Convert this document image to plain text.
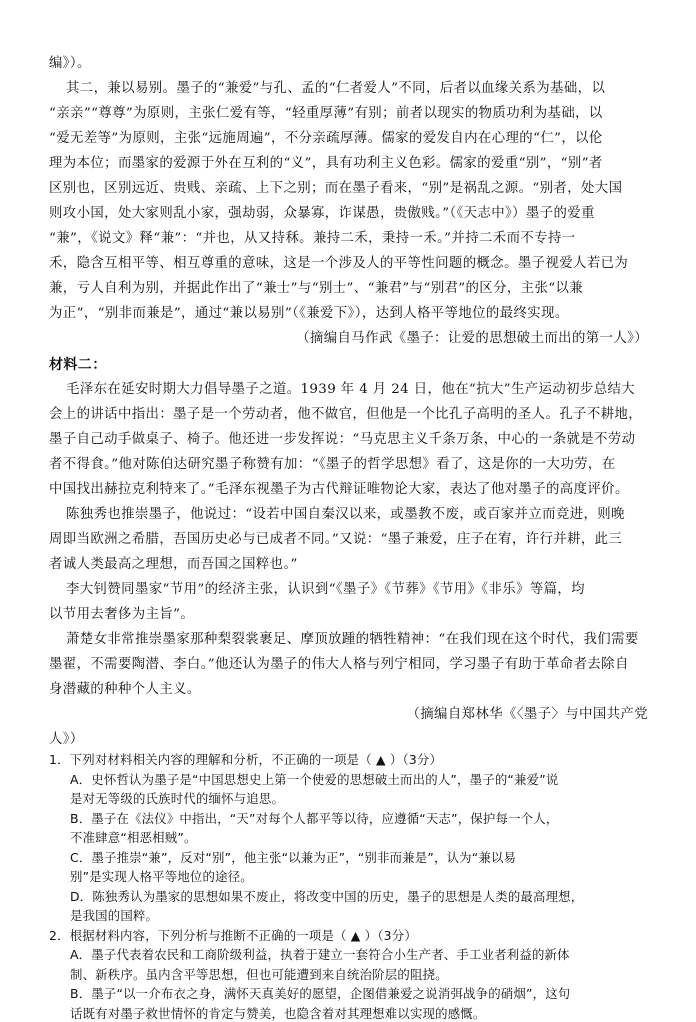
编》）。
其二，兼以易别。墨子的“兼爱”与孔、孟的“仁者爱人”不同，后者以血缘关系为基础，以
“亲亲”“尊尊”为原则，主张仁爱有等，“轻重厚薄”有别；前者以现实的物质功利为基础，以
“爱无差等”为原则，主张“远施周遍”，不分亲疏厚薄。儒家的爱发自内在心理的“仁”，以伦
理为本位；而墨家的爱源于外在互利的“义”，具有功利主义色彩。儒家的爱重“别”，“别”者
区别也，区别远近、贵贱、亲疏、上下之别；而在墨子看来，“别”是祸乱之源。“别者，处大国
则攻小国，处大家则乱小家，强劫弱，众暴寡，诈谋愚，贵傲贱。”（《天志中》）墨子的爱重
“兼”，《说文》释“兼”：“并也，从又持秝。兼持二禾，秉持一禾。”并持二禾而不专持一
禾，隐含互相平等、相互尊重的意味，这是一个涉及人的平等性问题的概念。墨子视爱人若已为
兼，亏人自利为别，并据此作出了“兼士”与“别士”、“兼君”与“别君”的区分，主张“以兼
为正”，“别非而兼是”，通过“兼以易别”（《兼爱下》），达到人格平等地位的最终实现。
（摘编自马作武《墨子：让爱的思想破土而出的第一人》）
材料二：
毛泽东在延安时期大力倡导墨子之道。1939 年 4 月 24 日，他在“抗大”生产运动初步总结大
会上的讲话中指出：墨子是一个劳动者，他不做官，但他是一个比孔子高明的圣人。孔子不耕地，
墨子自己动手做桌子、椅子。他还进一步发挥说：“马克思主义千条万条，中心的一条就是不劳动
者不得食。”他对陈伯达研究墨子称赞有加：“《墨子的哲学思想》看了，这是你的一大功劳，在
中国找出赫拉克利特来了。”毛泽东视墨子为古代辩证唯物论大家，表达了他对墨子的高度评价。
陈独秀也推崇墨子，他说过：“设若中国自秦汉以来，或墨教不废，或百家并立而竞进，则晚
周即当欧洲之希腊，吾国历史必与已成者不同。”又说：“墨子兼爱，庄子在宥，许行并耕，此三
者诚人类最高之理想，而吾国之国粹也。”
李大钊赞同墨家“节用”的经济主张，认识到“《墨子》《节葬》《节用》《非乐》等篇，均
以节用去奢侈为主旨”。
萧楚女非常推崇墨家那种梨裂裳裹足、摩顶放踵的牺牲精神：“在我们现在这个时代，我们需要
墨翟，不需要陶潜、李白。”他还认为墨子的伟大人格与列宁相同，学习墨子有助于革命者去除自
身潜藏的种种个人主义。
（摘编自郑林华《〈墨子〉与中国共产党
人》）
1．下列对材料相关内容的理解和分析，不正确的一项是（ ▲ ）（3分）
A．史怀哲认为墨子是“中国思想史上第一个使爱的思想破土而出的人”，墨子的“兼爱”说
是对无等级的氏族时代的缅怀与追思。
B．墨子在《法仪》中指出，“天”对每个人都平等以待，应遵循“天志”，保护每一个人，
不准肆意“相恶相贼”。
C．墨子推崇“兼”，反对“别”，他主张“以兼为正”，“别非而兼是”，认为“兼以易
别”是实现人格平等地位的途径。
D．陈独秀认为墨家的思想如果不废止，将改变中国的历史，墨子的思想是人类的最高理想，
是我国的国粹。
2．根据材料内容，下列分析与推断不正确的一项是（ ▲ ）（3分）
A．墨子代表着农民和工商阶级利益，执着于建立一套符合小生产者、手工业者利益的新体
制、新秩序。虽内含平等思想，但也可能遭到来自统治阶层的阻挠。
B．墨子“以一介布衣之身，满怀天真美好的愿望，企图借兼爱之说消弭战争的硝烟”，这句
话既有对墨子救世情怀的肯定与赞美，也隐含着对其理想难以实现的感慨。
